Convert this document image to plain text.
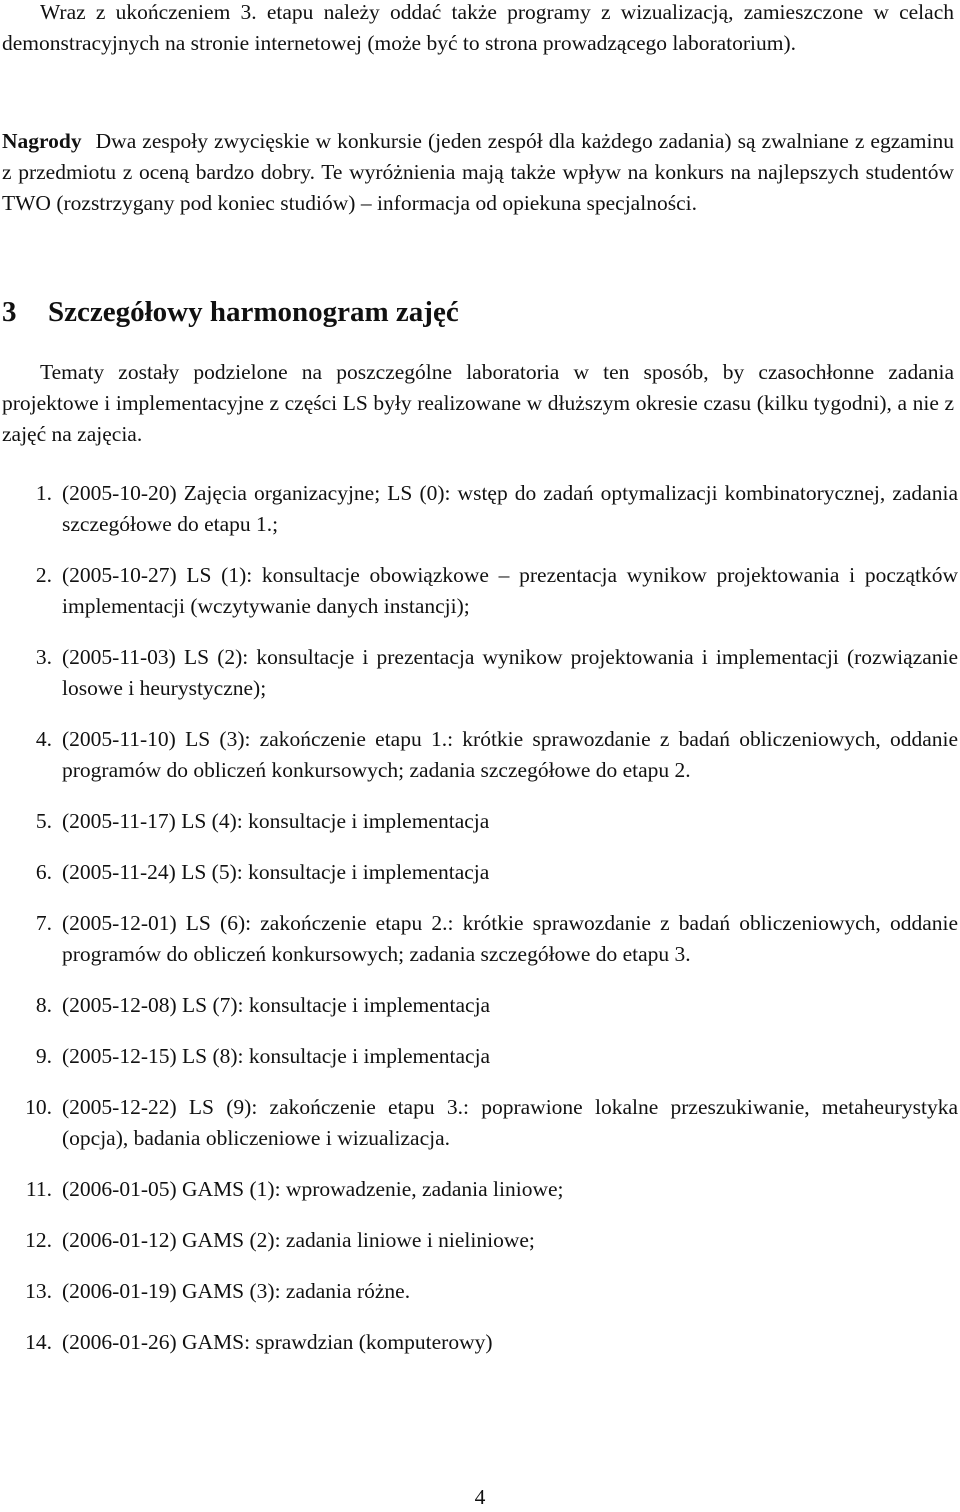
Wraz z ukończeniem 3. etapu należy oddać także programy z wizualizacją, zamieszczone w celach demonstracyjnych na stronie internetowej (może być to strona prowadzącego laboratorium).

Nagrody Dwa zespoły zwycięskie w konkursie (jeden zespół dla każdego zadania) są zwalniane z egzaminu z przedmiotu z oceną bardzo dobry. Te wyróżnienia mają także wpływ na konkurs na najlepszych studentów TWO (rozstrzygany pod koniec studiów) – informacja od opiekuna specjalności.

3 Szczegółowy harmonogram zajęć

Tematy zostały podzielone na poszczególne laboratoria w ten sposób, by czasochłonne zadania projektowe i implementacyjne z części LS były realizowane w dłuższym okresie czasu (kilku tygodni), a nie z zajęć na zajęcia.

1. (2005-10-20) Zajęcia organizacyjne; LS (0): wstęp do zadań optymalizacji kombinatorycznej, zadania szczegółowe do etapu 1.;
2. (2005-10-27) LS (1): konsultacje obowiązkowe – prezentacja wynikow projektowania i początków implementacji (wczytywanie danych instancji);
3. (2005-11-03) LS (2): konsultacje i prezentacja wynikow projektowania i implementacji (rozwiązanie losowe i heurystyczne);
4. (2005-11-10) LS (3): zakończenie etapu 1.: krótkie sprawozdanie z badań obliczeniowych, oddanie programów do obliczeń konkursowych; zadania szczegółowe do etapu 2.
5. (2005-11-17) LS (4): konsultacje i implementacja
6. (2005-11-24) LS (5): konsultacje i implementacja
7. (2005-12-01) LS (6): zakończenie etapu 2.: krótkie sprawozdanie z badań obliczeniowych, oddanie programów do obliczeń konkursowych; zadania szczegółowe do etapu 3.
8. (2005-12-08) LS (7): konsultacje i implementacja
9. (2005-12-15) LS (8): konsultacje i implementacja
10. (2005-12-22) LS (9): zakończenie etapu 3.: poprawione lokalne przeszukiwanie, metaheurystyka (opcja), badania obliczeniowe i wizualizacja.
11. (2006-01-05) GAMS (1): wprowadzenie, zadania liniowe;
12. (2006-01-12) GAMS (2): zadania liniowe i nieliniowe;
13. (2006-01-19) GAMS (3): zadania różne.
14. (2006-01-26) GAMS: sprawdzian (komputerowy)
4
